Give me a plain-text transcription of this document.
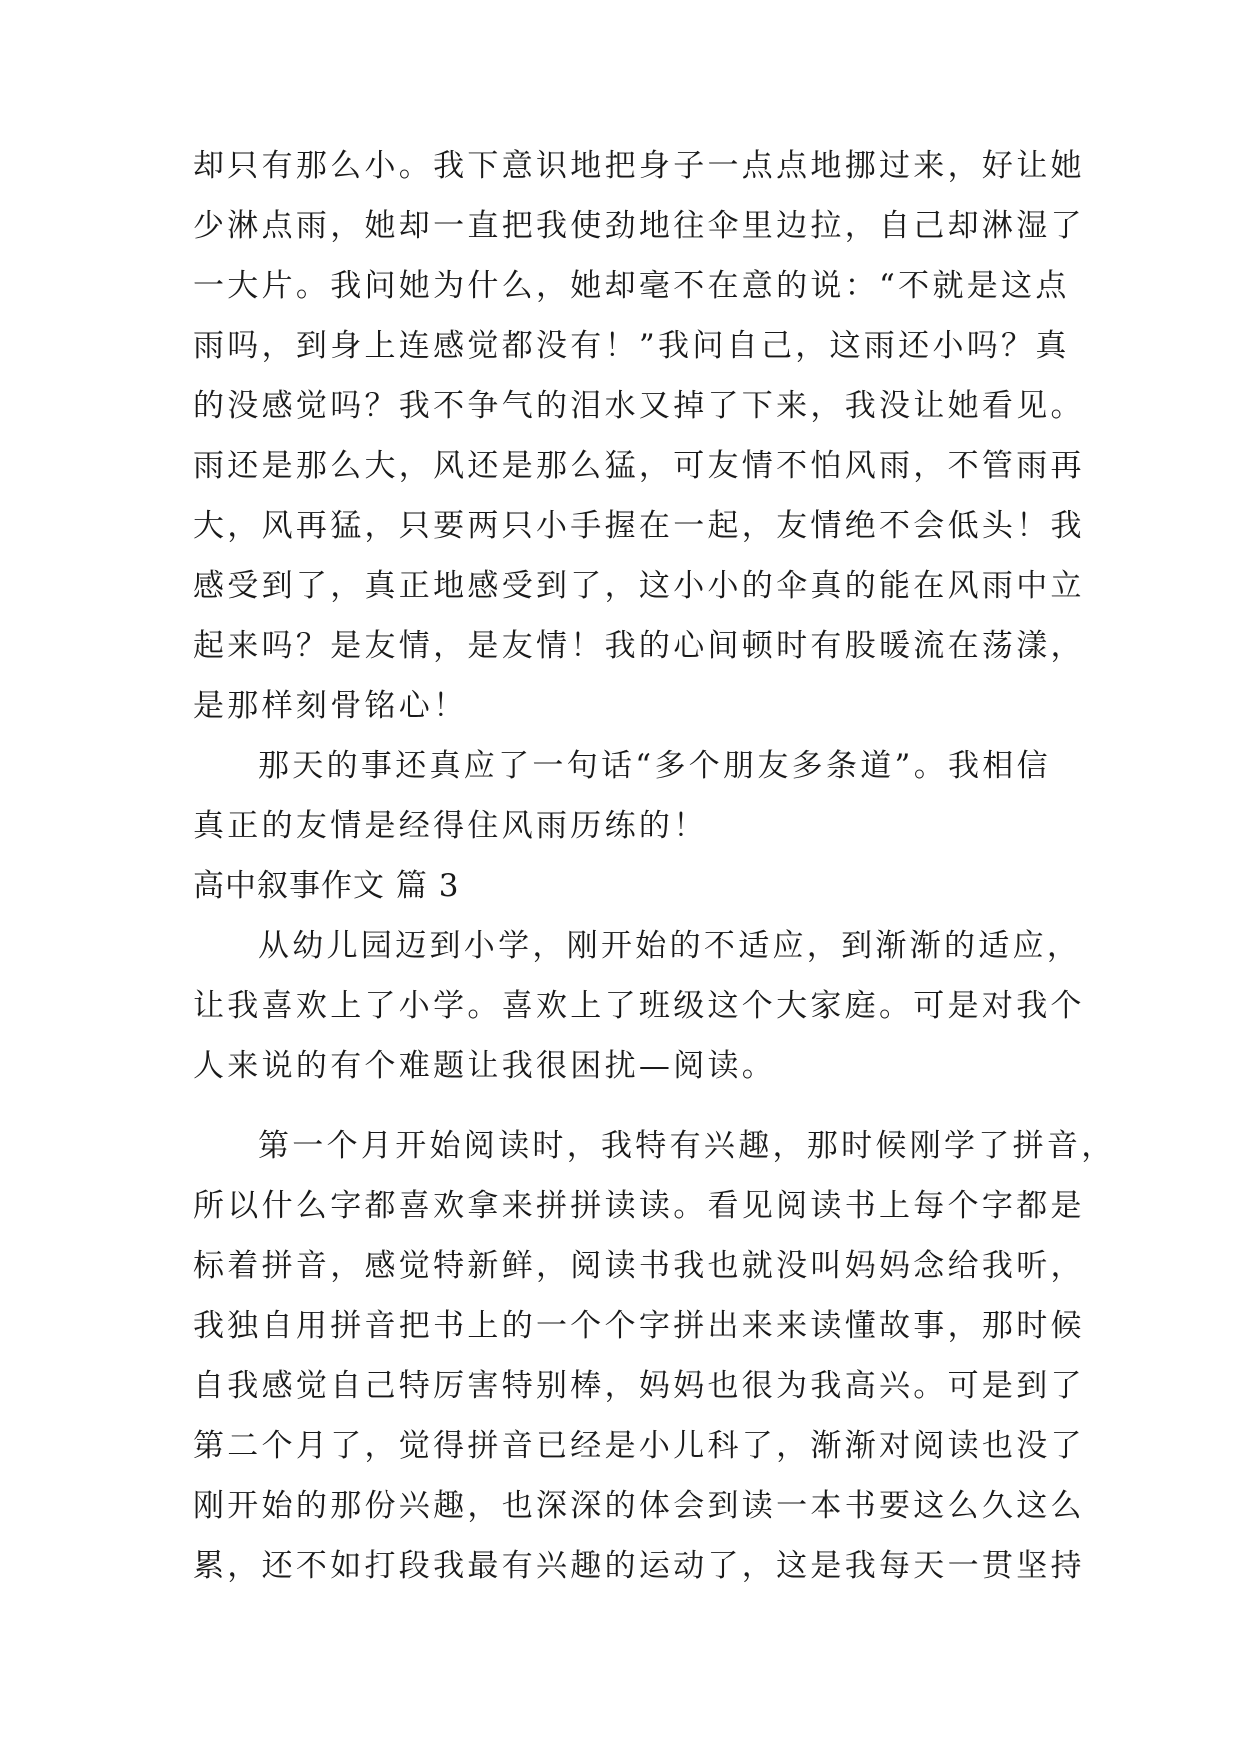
却只有那么小。我下意识地把身子一点点地挪过来，好让她
少淋点雨，她却一直把我使劲地往伞里边拉，自己却淋湿了
一大片。我问她为什么，她却毫不在意的说：“不就是这点
雨吗，到身上连感觉都没有！”我问自己，这雨还小吗？真
的没感觉吗？我不争气的泪水又掉了下来，我没让她看见。
雨还是那么大，风还是那么猛，可友情不怕风雨，不管雨再
大，风再猛，只要两只小手握在一起，友情绝不会低头！我
感受到了，真正地感受到了，这小小的伞真的能在风雨中立
起来吗？是友情，是友情！我的心间顿时有股暖流在荡漾，
是那样刻骨铭心！
那天的事还真应了一句话“多个朋友多条道”。我相信
真正的友情是经得住风雨历练的！
高中叙事作文 篇 3
从幼儿园迈到小学，刚开始的不适应，到渐渐的适应，
让我喜欢上了小学。喜欢上了班级这个大家庭。可是对我个
人来说的有个难题让我很困扰—阅读。
第一个月开始阅读时，我特有兴趣，那时候刚学了拼音，
所以什么字都喜欢拿来拼拼读读。看见阅读书上每个字都是
标着拼音，感觉特新鲜，阅读书我也就没叫妈妈念给我听，
我独自用拼音把书上的一个个字拼出来来读懂故事，那时候
自我感觉自己特厉害特别棒，妈妈也很为我高兴。可是到了
第二个月了，觉得拼音已经是小儿科了，渐渐对阅读也没了
刚开始的那份兴趣，也深深的体会到读一本书要这么久这么
累，还不如打段我最有兴趣的运动了，这是我每天一贯坚持
